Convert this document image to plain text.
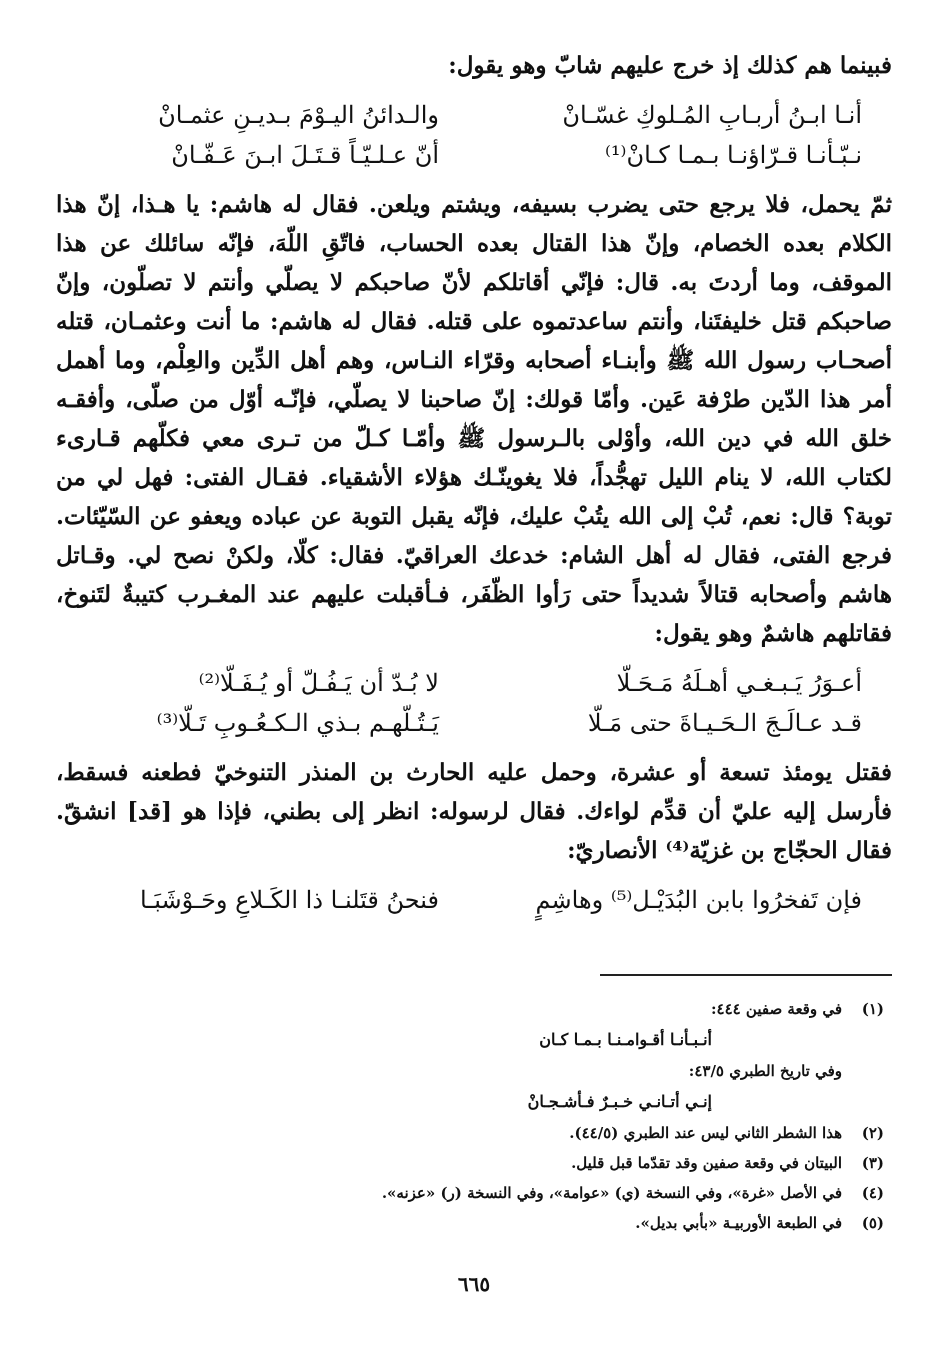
فبينما هم كذلك إذ خرج عليهم شابّ وهو يقول:

أنـا ابـنُ أربـابِ المُـلوكِ غسّـانْ
والـدائنُ اليـوْمَ بـديـنِ عثمـانْ
نـبّـأنـا قـرّاؤنـا بـمـا كـانْ⁽¹⁾
أنّ عـلـيّـاً قـتَـلَ ابـنَ عَـفّـانْ

ثمّ يحمل، فلا يرجع حتى يضرب بسيفه، ويشتم ويلعن. فقال له هاشم: يا هـذا، إنّ هذا الكلام بعده الخصام، وإنّ هذا القتال بعده الحساب، فاتّقِ اللّهَ، فإنّه سائلك عن هذا الموقف، وما أردتَ به. قال: فإنّي أقاتلكم لأنّ صاحبكم لا يصلّي وأنتم لا تصلّون، وإنّ صاحبكم قتل خليفتَنا، وأنتم ساعدتموه على قتله. فقال له هاشم: ما أنت وعثمـان، قتله أصحـاب رسول الله ﷺ وأبنـاء أصحابه وقرّاء النـاس، وهم أهل الدِّين والعِلْم، وما أهمل أمر هذا الدّين طرْفة عَين. وأمّا قولك: إنّ صاحبنا لا يصلّي، فإنّـه أوّل من صلّى، وأفقـه خلق الله في دين الله، وأوْلى بالـرسول ﷺ وأمّـا كـلّ من تـرى معي فكلّهم قـارىء لكتاب الله، لا ينام الليل تهجُّداً، فلا يغوينّـك هؤلاء الأشقياء. فقـال الفتى: فهل لي من توبة؟ قال: نعم، تُبْ إلى الله يتُبْ عليك، فإنّه يقبل التوبة عن عباده ويعفو عن السّيّئات. فرجع الفتى، فقال له أهل الشام: خدعك العراقيّ. فقال: كلّا، ولكنْ نصح لي. وقـاتل هاشم وأصحابه قتالاً شديداً حتى رَأوا الظّفَر، فـأقبلت عليهم عند المغـرب كتيبةٌ لتَنوخ، فقاتلهم هاشمٌ وهو يقول:

أعـوَرُ يَـبـغـي أهـلَهُ مَـحَـلّا
لا بُـدّ أن يَـفُـلّ أو يُـفَـلّا⁽²⁾
قـد عـالَـجَ الـحَـيـاةَ حتى مَـلّا
يَـتُـلّهـم بـذي الـكـعُـوبِ تَـلّا⁽³⁾

فقتل يومئذ تسعة أو عشرة، وحمل عليه الحارث بن المنذر التنوخيّ فطعنه فسقط، فأرسل إليه عليّ أن قدِّم لواءك. فقال لرسوله: انظر إلى بطني، فإذا هو [قد] انشقّ. فقال الحجّاج بن غزيّة⁽⁴⁾ الأنصاريّ:

فإن تَفخرُوا بابن البُدَيْـل⁽⁵⁾ وهاشِمٍ
فنحنُ قتَلنـا ذا الكَـلاعِ وحَـوْشَبَـا
(١)
في وقعة صفين ٤٤٤:
أنـبـأنـا أقـوامـنـا بـمـا كـان
وفي تاريخ الطبري ٤٣/٥:
إنـي أتـانـي خـبـرٌ فـأشـجـانْ
(٢)
هذا الشطر الثاني ليس عند الطبري (٤٤/٥).
(٣)
البيتان في وقعة صفين وقد تقدّما قبل قليل.
(٤)
في الأصل «غرة»، وفي النسخة (ي) «عوامة»، وفي النسخة (ر) «عزنه».
(٥)
في الطبعة الأوربيـة «بأبي بديل».
٦٦٥
